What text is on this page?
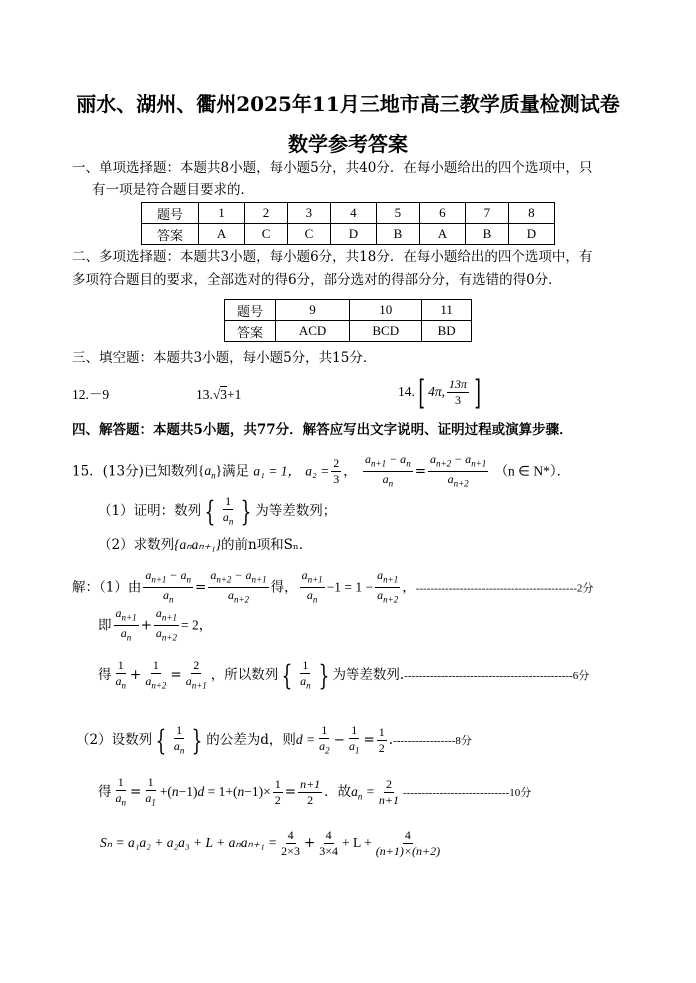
丽水、湖州、衢州2025年11月三地市高三教学质量检测试卷
数学参考答案
一、单项选择题：本题共8小题，每小题5分，共40分．在每小题给出的四个选项中，只
有一项是符合题目要求的．
题号	1	2	3	4	5	6	7	8
答案	A	C	C	D	B	A	B	D
二、多项选择题：本题共3小题，每小题6分，共18分．在每小题给出的四个选项中，有
多项符合题目的要求，全部选对的得6分，部分选对的得部分分，有选错的得0分．
题号	9	10	11
答案	ACD	BCD	BD
三、填空题：本题共3小题，每小题5分，共15分．
12.－9	13.√3+1	14.[ 4π, $\frac{13\pi}{3}$ ]
四、解答题：本题共5小题，共77分．解答应写出文字说明、证明过程或演算步骤．
15．(13分)已知数列$\{a_n\}$满足 a₁ = 1， $a_2 = \frac{2}{3}$ ， $\frac{a_{n+1} - a_n}{a_n} = \frac{a_{n+2} - a_{n+1}}{a_{n+2}} (n$ ∈ N*）．
（1）证明：数列 { $\frac{1}{a_n}$ } 为等差数列；
（2）求数列{aₙaₙ₊₁}的前n项和Sₙ．
解：（1）由 $\frac{a_{n+1} - a_n}{a_n} = \frac{a_{n+2} - a_{n+1}}{a_{n+2}}$ 得， $\frac{a_{n+1}}{a_n} -1 = 1 - \frac{a_{n+1}}{a_{n+2}}$ ，--------------------------------------------2分
即 $\frac{a_{n+1}}{a_n} + \frac{a_{n+1}}{a_{n+2}} = 2$，
得 $\frac{1}{a_n} + \frac{1}{a_{n+2}} = \frac{2}{a_{n+1}}$ ，所以数列 { $\frac{1}{a_n}$ } 为等差数列.----------------------------------------------6分
（2）设数列 { $\frac{1}{a_n}$ } 的公差为d，则$d = \frac{1}{a_2} - \frac{1}{a_1} = \frac{1}{2} .-----------------8$分
得 $\frac{1}{a_n} = \frac{1}{a_1} +(n-1)d = 1+(n-1)\times \frac{1}{2} = \frac{n+1}{2}$ ．故$a_n = \frac{2}{n+1} -----------------------------10$分
$S_n = a_1a_2 + a_2a_3 + L + a_na_{n+1} = \frac{4}{2\times 3} + \frac{4}{3\times 4} + L + \frac{4}{(n+1)\times(n+2)}$
